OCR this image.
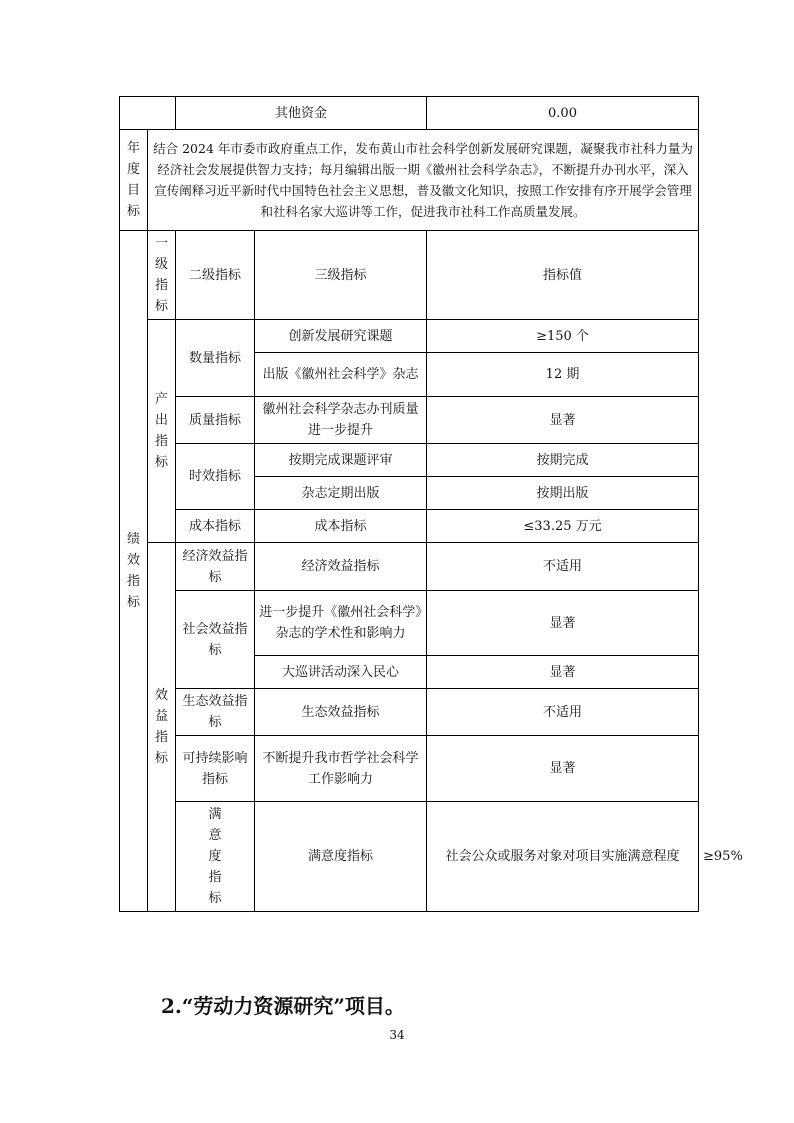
		其他资金		0.00	
年度目标	结合 2024 年市委市政府重点工作，发布黄山市社会科学创新发展研究课题，凝聚我市社科力量为经济社会发展提供智力支持；每月编辑出版一期《徽州社会科学杂志》，不断提升办刊水平，深入宣传阐释习近平新时代中国特色社会主义思想，普及徽文化知识，按照工作安排有序开展学会管理和社科名家大巡讲等工作，促进我市社科工作高质量发展。				
绩效指标	一级指标	二级指标	三级指标	指标值	
	产出指标	数量指标	创新发展研究课题	≥150 个	
			出版《徽州社会科学》杂志	12 期	
		质量指标	徽州社会科学杂志办刊质量进一步提升	显著	
		时效指标	按期完成课题评审	按期完成	
			杂志定期出版	按期出版	
		成本指标	成本指标	≤33.25 万元	
	效益指标	经济效益指标	经济效益指标	不适用	
		社会效益指标	进一步提升《徽州社会科学》杂志的学术性和影响力	显著	
			大巡讲活动深入民心	显著	
		生态效益指标	生态效益指标	不适用	
		可持续影响指标	不断提升我市哲学社会科学工作影响力	显著	
		满意度指标	满意度指标	社会公众或服务对象对项目实施满意程度	≥95%
2.“劳动力资源研究”项目。
34
